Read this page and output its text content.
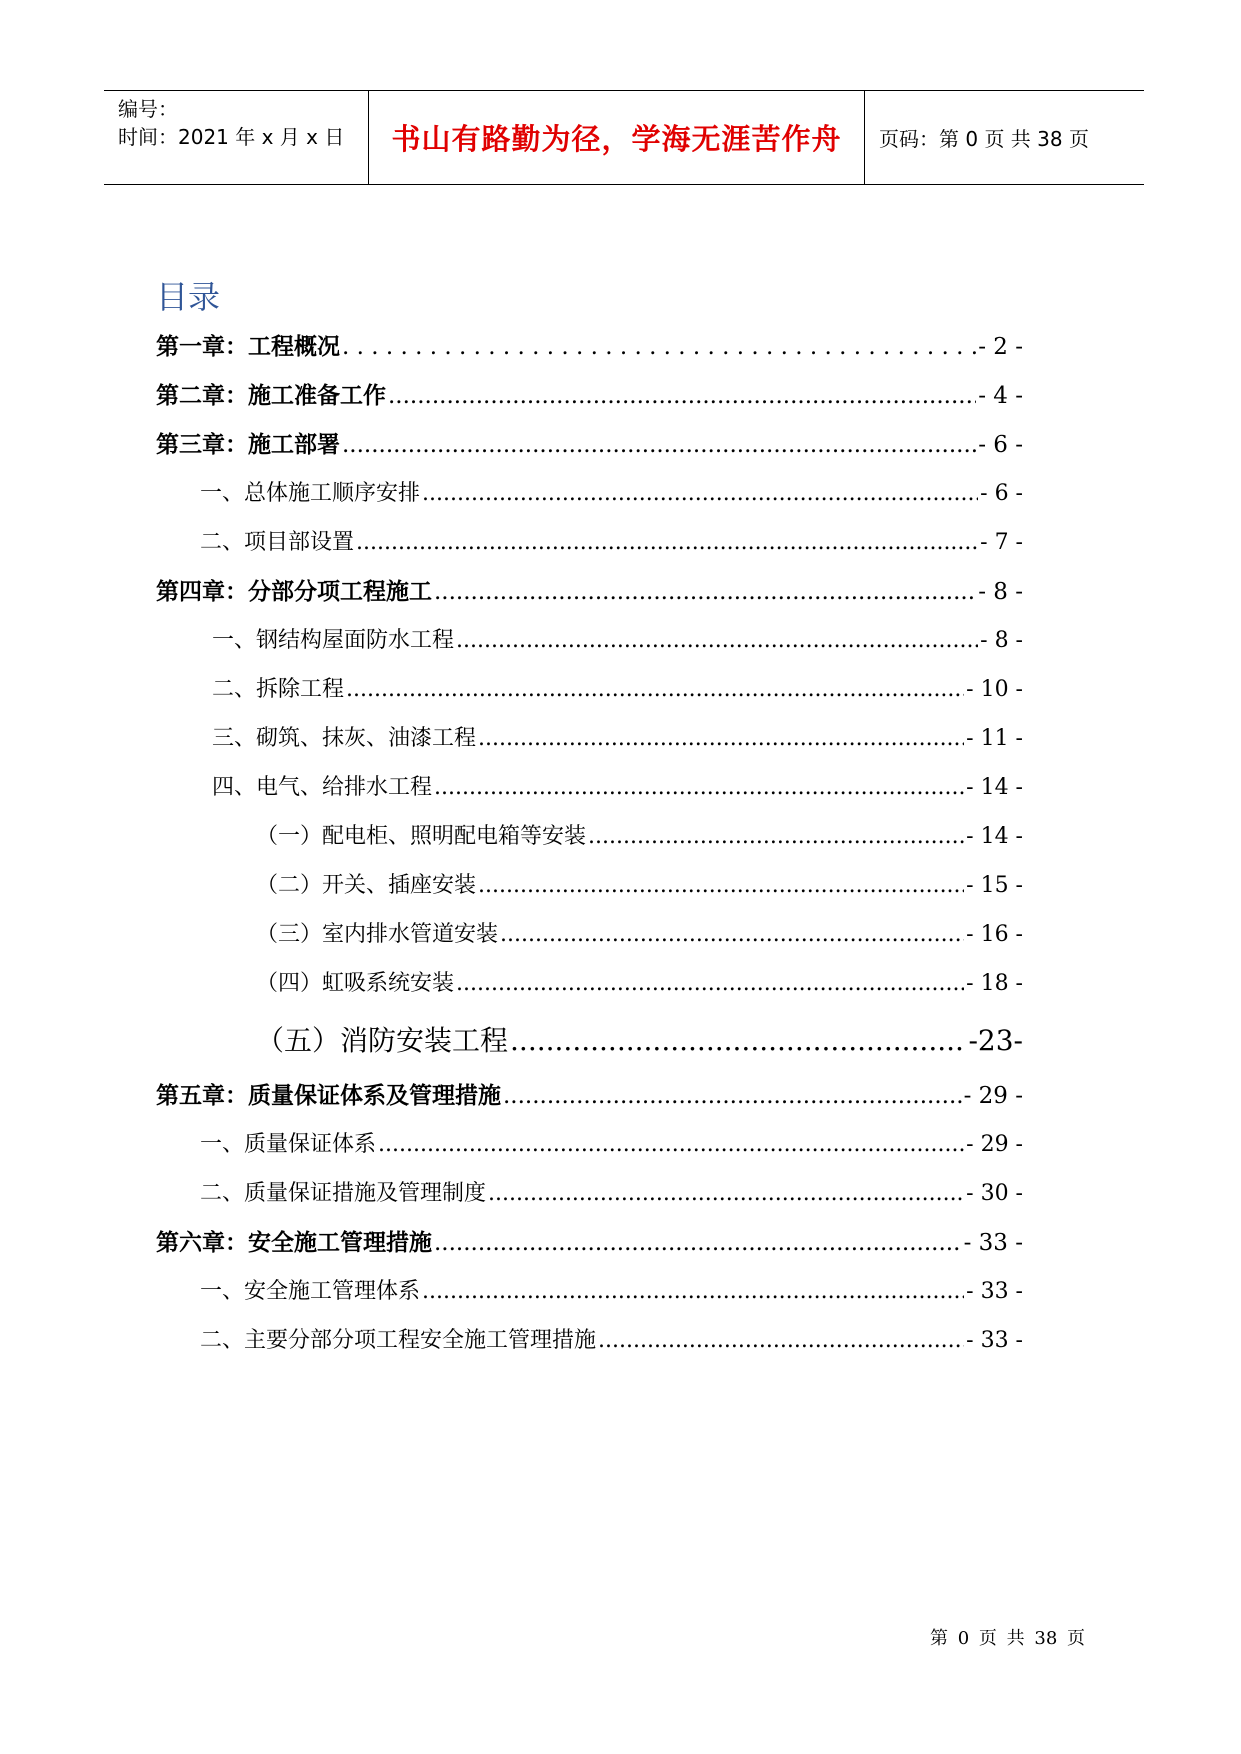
编号：
时间：2021 年 x 月 x 日 书山有路勤为径，学海无涯苦作舟 页码：第 0 页 共 38 页
目录
第一章：工程概况 . . .	- 2 -
第二章：施工准备工作 .....	- 4 -
第三章：施工部署 .....	- 6 -
一、总体施工顺序安排 .....	- 6 -
二、项目部设置 .....	- 7 -
第四章：分部分项工程施工 .....	- 8 -
一、钢结构屋面防水工程 .....	- 8 -
二、拆除工程 .....	- 10 -
三、砌筑、抹灰、油漆工程 .....	- 11 -
四、电气、给排水工程 .....	- 14 -
（一）配电柜、照明配电箱等安装 .....	- 14 -
（二）开关、插座安装 .....	- 15 -
（三）室内排水管道安装 .....	- 16 -
（四）虹吸系统安装 .....	- 18 -
（五）消防安装工程 .....	-23-
第五章：质量保证体系及管理措施 .....	- 29 -
一、质量保证体系 .....	- 29 -
二、质量保证措施及管理制度 .....	- 30 -
第六章：安全施工管理措施 .....	- 33 -
一、安全施工管理体系 .....	- 33 -
二、主要分部分项工程安全施工管理措施 .....	- 33 -
第 0 页 共 38 页
